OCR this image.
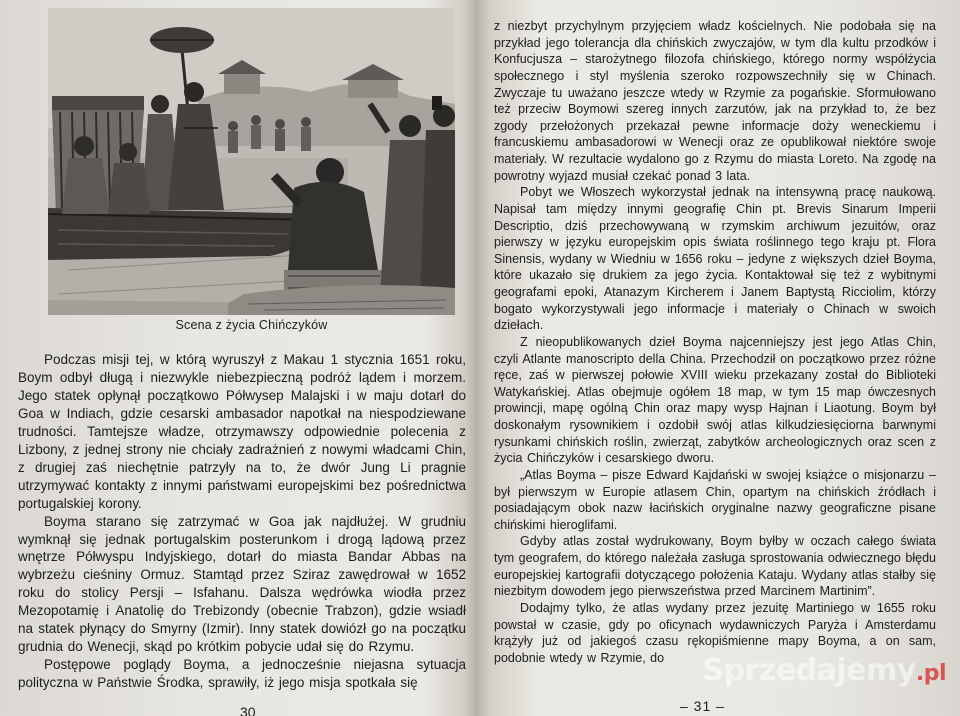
Scena z życia Chińczyków

Podczas misji tej, w którą wyruszył z Makau 1 stycznia 1651 roku, Boym odbył długą i niezwykle niebezpieczną podróż lądem i morzem. Jego statek opłynął początkowo Półwysep Malajski i w maju dotarł do Goa w Indiach, gdzie cesarski ambasador napotkał na niespodziewane trudności. Tamtejsze władze, otrzymawszy odpowiednie polecenia z Lizbony, z jednej strony nie chciały zadrażnień z nowymi władcami Chin, z drugiej zaś niechętnie patrzyły na to, że dwór Jung Li pragnie utrzymywać kontakty z innymi państwami europejskimi bez pośrednictwa portugalskiej korony.

Boyma starano się zatrzymać w Goa jak najdłużej. W grudniu wymknął się jednak portugalskim posterunkom i drogą lądową przez wnętrze Półwyspu Indyjskiego, dotarł do miasta Bandar Abbas na wybrzeżu cieśniny Ormuz. Stamtąd przez Sziraz zawędrował w 1652 roku do stolicy Persji – Isfahanu. Dalsza wędrówka wiodła przez Mezopotamię i Anatolię do Trebizondy (obecnie Trabzon), gdzie wsiadł na statek płynący do Smyrny (Izmir). Inny statek dowiózł go na początku grudnia do Wenecji, skąd po krótkim pobycie udał się do Rzymu.

Postępowe poglądy Boyma, a jednocześnie niejasna sytuacja polityczna w Państwie Środka, sprawiły, iż jego misja spotkała się

30

z niezbyt przychylnym przyjęciem władz kościelnych. Nie podobała się na przykład jego tolerancja dla chińskich zwyczajów, w tym dla kultu przodków i Konfucjusza – starożytnego filozofa chińskiego, którego normy współżycia społecznego i styl myślenia szeroko rozpowszechniły się w Chinach. Zwyczaje tu uważano jeszcze wtedy w Rzymie za pogańskie. Sformułowano też przeciw Boymowi szereg innych zarzutów, jak na przykład to, że bez zgody przełożonych przekazał pewne informacje doży weneckiemu i francuskiemu ambasadorowi w Wenecji oraz ze opublikował niektóre swoje materiały. W rezultacie wydalono go z Rzymu do miasta Loreto. Na zgodę na powrotny wyjazd musiał czekać ponad 3 lata.

Pobyt we Włoszech wykorzystał jednak na intensywną pracę naukową. Napisał tam między innymi geografię Chin pt. Brevis Sinarum Imperii Descriptio, dziś przechowywaną w rzymskim archiwum jezuitów, oraz pierwszy w języku europejskim opis świata roślinnego tego kraju pt. Flora Sinensis, wydany w Wiedniu w 1656 roku – jedyne z większych dzieł Boyma, które ukazało się drukiem za jego życia. Kontaktował się też z wybitnymi geografami epoki, Atanazym Kircherem i Janem Baptystą Ricciolim, którzy bogato wykorzystywali jego informacje i materiały o Chinach w swoich dziełach.

Z nieopublikowanych dzieł Boyma najcenniejszy jest jego Atlas Chin, czyli Atlante manoscripto della China. Przechodził on początkowo przez różne ręce, zaś w pierwszej połowie XVIII wieku przekazany został do Biblioteki Watykańskiej. Atlas obejmuje ogółem 18 map, w tym 15 map ówczesnych prowincji, mapę ogólną Chin oraz mapy wysp Hajnan i Liaotung. Boym był doskonałym rysownikiem i ozdobił swój atlas kilkudziesięciorna barwnymi rysunkami chińskich roślin, zwierząt, zabytków archeologicznych oraz scen z życia Chińczyków i cesarskiego dworu.

„Atlas Boyma – pisze Edward Kajdański w swojej książce o misjonarzu – był pierwszym w Europie atlasem Chin, opartym na chińskich źródłach i posiadającym obok nazw łacińskich oryginalne nazwy geograficzne pisane chińskimi hieroglifami.

Gdyby atlas został wydrukowany, Boym byłby w oczach całego świata tym geografem, do którego należała zasługa sprostowania odwiecznego błędu europejskiej kartografii dotyczącego położenia Kataju. Wydany atlas stałby się niezbitym dowodem jego pierwszeństwa przed Marcinem Martinim”.

Dodajmy tylko, że atlas wydany przez jezuitę Martiniego w 1655 roku powstał w czasie, gdy po oficynach wydawniczych Paryża i Amsterdamu krążyły już od jakiegoś czasu rękopiśmienne mapy Boyma, a on sam, podobnie wtedy w Rzymie, do

– 31 –
Sprzedajemy.pl
